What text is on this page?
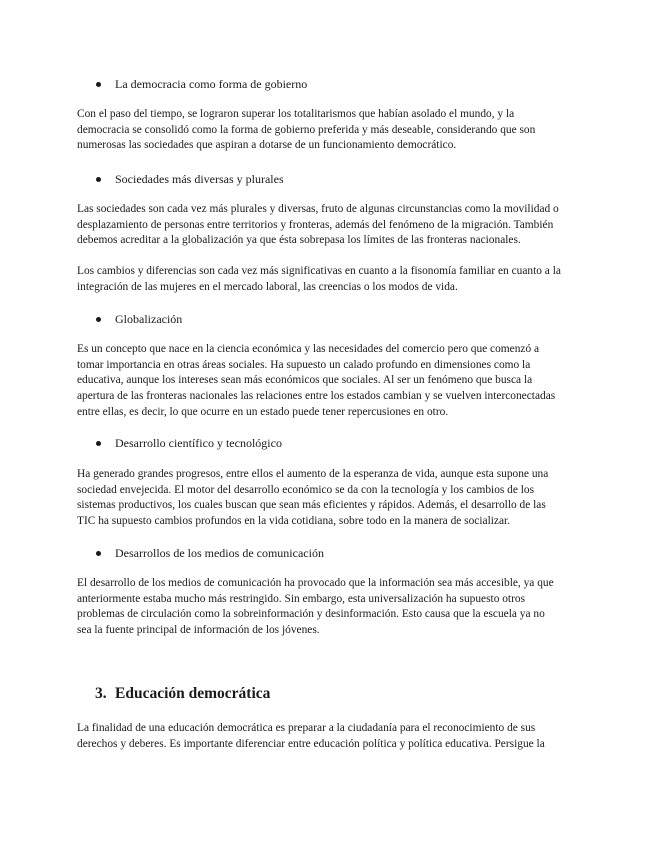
La democracia como forma de gobierno
Con el paso del tiempo, se lograron superar los totalitarismos que habían asolado el mundo, y la
democracia se consolidó como la forma de gobierno preferida y más deseable, considerando que son
numerosas las sociedades que aspiran a dotarse de un funcionamiento democrático.
Sociedades más diversas y plurales
Las sociedades son cada vez más plurales y diversas, fruto de algunas circunstancias como la movilidad o
desplazamiento de personas entre territorios y fronteras, además del fenómeno de la migración. También
debemos acreditar a la globalización ya que ésta sobrepasa los límites de las fronteras nacionales.
Los cambios y diferencias son cada vez más significativas en cuanto a la fisonomía familiar en cuanto a la
integración de las mujeres en el mercado laboral, las creencias o los modos de vida.
Globalización
Es un concepto que nace en la ciencia económica y las necesidades del comercio pero que comenzó a
tomar importancia en otras áreas sociales. Ha supuesto un calado profundo en dimensiones como la
educativa, aunque los intereses sean más económicos que sociales. Al ser un fenómeno que busca la
apertura de las fronteras nacionales las relaciones entre los estados cambian y se vuelven interconectadas
entre ellas, es decir, lo que ocurre en un estado puede tener repercusiones en otro.
Desarrollo científico y tecnológico
Ha generado grandes progresos, entre ellos el aumento de la esperanza de vida, aunque esta supone una
sociedad envejecida. El motor del desarrollo económico se da con la tecnología y los cambios de los
sistemas productivos, los cuales buscan que sean más eficientes y rápidos. Además, el desarrollo de las
TIC ha supuesto cambios profundos en la vida cotidiana, sobre todo en la manera de socializar.
Desarrollos de los medios de comunicación
El desarrollo de los medios de comunicación ha provocado que la información sea más accesible, ya que
anteriormente estaba mucho más restringido. Sin embargo, esta universalización ha supuesto otros
problemas de circulación como la sobreinformación y desinformación. Esto causa que la escuela ya no
sea la fuente principal de información de los jóvenes.
3. Educación democrática
La finalidad de una educación democrática es preparar a la ciudadanía para el reconocimiento de sus
derechos y deberes. Es importante diferenciar entre educación política y política educativa. Persigue la
